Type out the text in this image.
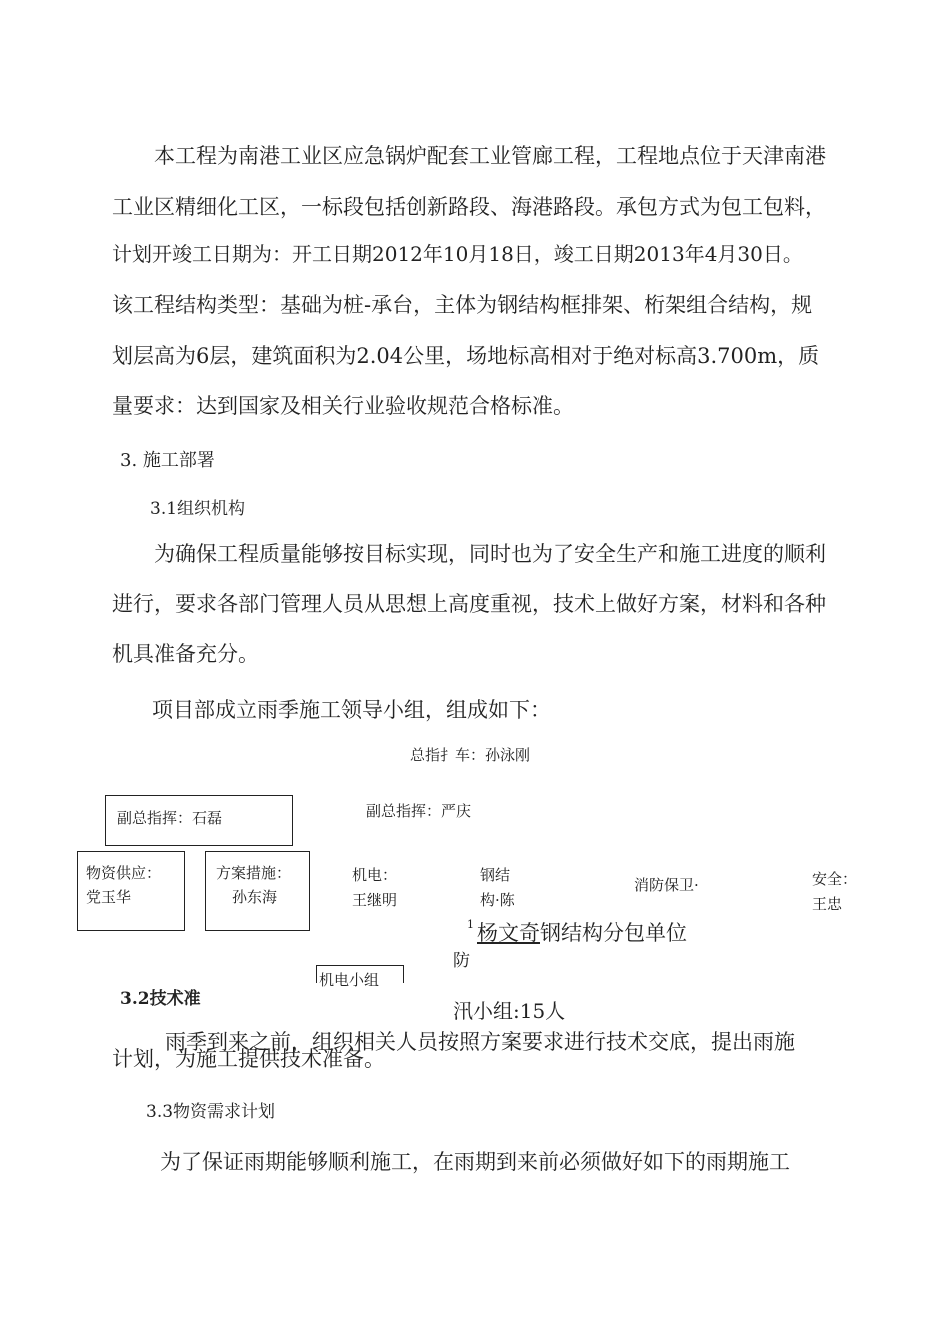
本工程为南港工业区应急锅炉配套工业管廊工程，工程地点位于天津南港
工业区精细化工区，一标段包括创新路段、海港路段。承包方式为包工包料，
计划开竣工日期为：开工日期2012年10月18日，竣工日期2013年4月30日。
该工程结构类型：基础为桩-承台，主体为钢结构框排架、桁架组合结构，规
划层高为6层，建筑面积为2.04公里，场地标高相对于绝对标高3.700m，质
量要求：达到国家及相关行业验收规范合格标准。
3. 施工部署
3.1组织机构
为确保工程质量能够按目标实现，同时也为了安全生产和施工进度的顺利
进行，要求各部门管理人员从思想上高度重视，技术上做好方案，材料和各种
机具准备充分。
项目部成立雨季施工领导小组，组成如下：
总指扌车：孙泳刚
副总指挥：石磊	副总指挥：严庆
物资供应：
党玉华
方案措施：
孙东海
机电：
王继明
钢结
构·陈
消防保卫·	安全：
王忠
1 杨文奇钢结构分包单位
防
机电小组
3.2技术准	汛小组:15人
雨季到来之前，组织相关人员按照方案要求进行技术交底，提出雨施
计划，为施工提供技术准备。
3.3物资需求计划
为了保证雨期能够顺利施工，在雨期到来前必须做好如下的雨期施工
